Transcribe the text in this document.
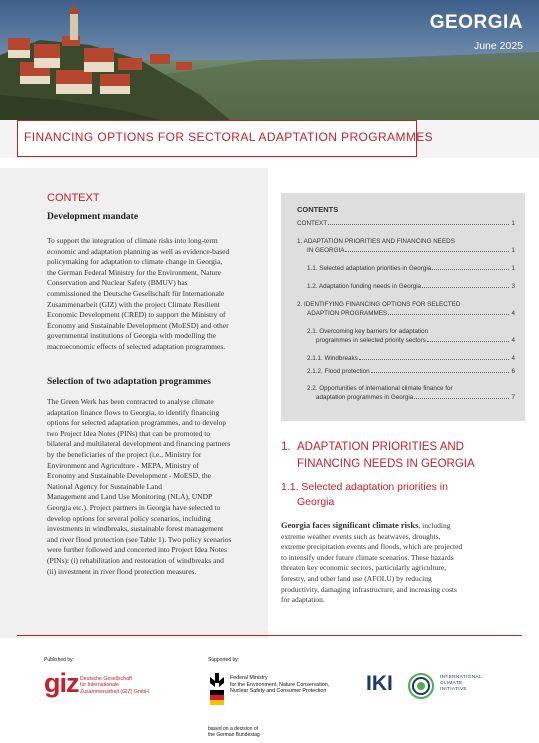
GEORGIA
June 2025
FINANCING OPTIONS FOR SECTORAL ADAPTATION PROGRAMMES
CONTEXT
Development mandate
To support the integration of climate risks into long-term
economic and adaptation planning as well as evidence-based
policymaking for adaptation to climate change in Georgia,
the German Federal Ministry for the Environment, Nature
Conservation and Nuclear Safety (BMUV) has
commissioned the Deutsche Gesellschaft für Internationale
Zusammenarbeit (GIZ) with the project Climate Resilient
Economic Development (CRED) to support the Ministry of
Economy and Sustainable Development (MoESD) and other
governmental institutions of Georgia with modelling the
macroeconomic effects of selected adaptation programmes.
Selection of two adaptation programmes
The Green Werk has been contracted to analyse climate
adaptation finance flows to Georgia, to identify financing
options for selected adaptation programmes, and to develop
two Project Idea Notes (PINs) that can be promoted to
bilateral and multilateral development and financing partners
by the beneficiaries of the project (i.e., Ministry for
Environment and Agriculture - MEPA, Ministry of
Economy and Sustainable Development - MoESD, the
National Agency for Sustainable Land
Management and Land Use Monitoring (NLA), UNDP
Georgia etc.). Project partners in Georgia have selected to
develop options for several policy scenarios, including
investments in windbreaks, sustainable forest management
and river flood protection (see Table 1). Two policy scenarios
were further followed and concerted into Project Idea Notes
(PINs): (i) rehabilitation and restoration of windbreaks and
(ii) investment in river flood protection measures.
CONTENTS
CONTEXT	1
1. ADAPTATION PRIORITIES AND FINANCING NEEDS
IN GEORGIA	1
1.1. Selected adaptation priorities in Georgia	1
1.2. Adaptation funding needs in Georgia	3
2. IDENTIFYING FINANCING OPTIONS FOR SELECTED
ADAPTION PROGRAMMES	4
2.1. Overcoming key barriers for adaptation
programmes in selected priority sectors	4
2.1.1. Windbreaks	4
2.1.2. Flood protection	6
2.2. Opportunities of international climate finance for
adaptation programmes in Georgia	7
1. ADAPTATION PRIORITIES AND
FINANCING NEEDS IN GEORGIA
1.1. Selected adaptation priorities in
Georgia
Georgia faces significant climate risks, including
extreme weather events such as heatwaves, droughts,
extreme precipitation events and floods, which are projected
to intensify under future climate scenarios. These hazards
threaten key economic sectors, particularly agriculture,
forestry, and other land use (AFOLU) by reducing
productivity, damaging infrastructure, and increasing costs
for adaptation.
Published by:
giz Deutsche Gesellschaft
für Internationale
Zusammenarbeit (GIZ) GmbH
Supported by:
Federal Ministry
for the Environment, Nature Conservation,
Nuclear Safety and Consumer Protection
based on a decision of
the German Bundestag
IKI	INTERNATIONAL
CLIMATE
INITIATIVE
